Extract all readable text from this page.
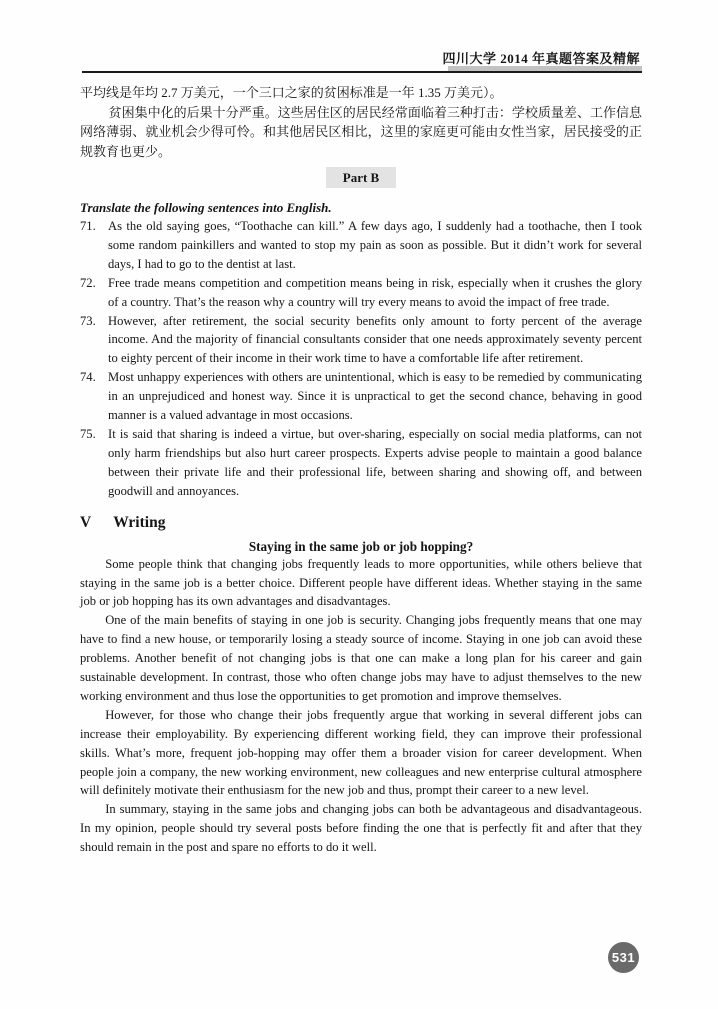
四川大学 2014 年真题答案及精解

平均线是年均 2.7 万美元，一个三口之家的贫困标准是一年 1.35 万美元）。

贫困集中化的后果十分严重。这些居住区的居民经常面临着三种打击：学校质量差、工作信息网络薄弱、就业机会少得可怜。和其他居民区相比，这里的家庭更可能由女性当家，居民接受的正规教育也更少。

Part B
Translate the following sentences into English.
71. As the old saying goes, “Toothache can kill.” A few days ago, I suddenly had a toothache, then I took some random painkillers and wanted to stop my pain as soon as possible. But it didn’t work for several days, I had to go to the dentist at last.
72. Free trade means competition and competition means being in risk, especially when it crushes the glory of a country. That’s the reason why a country will try every means to avoid the impact of free trade.
73. However, after retirement, the social security benefits only amount to forty percent of the average income. And the majority of financial consultants consider that one needs approximately seventy percent to eighty percent of their income in their work time to have a comfortable life after retirement.
74. Most unhappy experiences with others are unintentional, which is easy to be remedied by communicating in an unprejudiced and honest way. Since it is unpractical to get the second chance, behaving in good manner is a valued advantage in most occasions.
75. It is said that sharing is indeed a virtue, but over-sharing, especially on social media platforms, can not only harm friendships but also hurt career prospects. Experts advise people to maintain a good balance between their private life and their professional life, between sharing and showing off, and between goodwill and annoyances.
V Writing
Staying in the same job or job hopping?

Some people think that changing jobs frequently leads to more opportunities, while others believe that staying in the same job is a better choice. Different people have different ideas. Whether staying in the same job or job hopping has its own advantages and disadvantages.

One of the main benefits of staying in one job is security. Changing jobs frequently means that one may have to find a new house, or temporarily losing a steady source of income. Staying in one job can avoid these problems. Another benefit of not changing jobs is that one can make a long plan for his career and gain sustainable development. In contrast, those who often change jobs may have to adjust themselves to the new working environment and thus lose the opportunities to get promotion and improve themselves.

However, for those who change their jobs frequently argue that working in several different jobs can increase their employability. By experiencing different working field, they can improve their professional skills. What’s more, frequent job-hopping may offer them a broader vision for career development. When people join a company, the new working environment, new colleagues and new enterprise cultural atmosphere will definitely motivate their enthusiasm for the new job and thus, prompt their career to a new level.

In summary, staying in the same jobs and changing jobs can both be advantageous and disadvantageous. In my opinion, people should try several posts before finding the one that is perfectly fit and after that they should remain in the post and spare no efforts to do it well.

531
